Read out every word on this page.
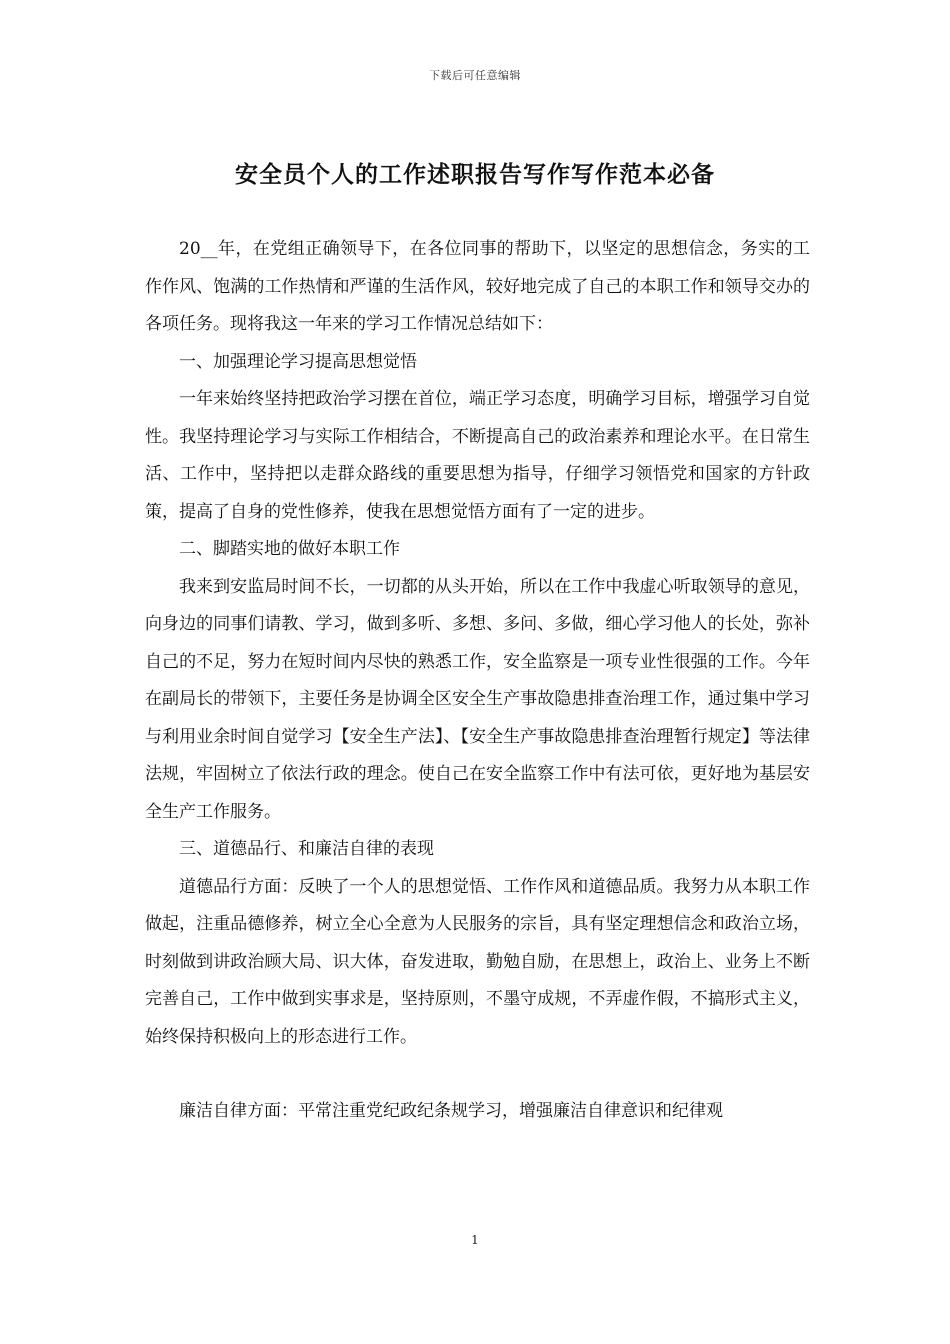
下载后可任意编辑
安全员个人的工作述职报告写作写作范本必备

20__年，在党组正确领导下，在各位同事的帮助下，以坚定的思想信念，务实的工作作风、饱满的工作热情和严谨的生活作风，较好地完成了自己的本职工作和领导交办的各项任务。现将我这一年来的学习工作情况总结如下：

一、加强理论学习提高思想觉悟

一年来始终坚持把政治学习摆在首位，端正学习态度，明确学习目标，增强学习自觉性。我坚持理论学习与实际工作相结合，不断提高自己的政治素养和理论水平。在日常生活、工作中，坚持把以走群众路线的重要思想为指导，仔细学习领悟党和国家的方针政策，提高了自身的党性修养，使我在思想觉悟方面有了一定的进步。

二、脚踏实地的做好本职工作

我来到安监局时间不长，一切都的从头开始，所以在工作中我虚心听取领导的意见，向身边的同事们请教、学习，做到多听、多想、多问、多做，细心学习他人的长处，弥补自己的不足，努力在短时间内尽快的熟悉工作，安全监察是一项专业性很强的工作。今年在副局长的带领下，主要任务是协调全区安全生产事故隐患排查治理工作，通过集中学习与利用业余时间自觉学习【安全生产法】、【安全生产事故隐患排查治理暂行规定】等法律法规，牢固树立了依法行政的理念。使自己在安全监察工作中有法可依，更好地为基层安全生产工作服务。

三、道德品行、和廉洁自律的表现

道德品行方面：反映了一个人的思想觉悟、工作作风和道德品质。我努力从本职工作做起，注重品德修养，树立全心全意为人民服务的宗旨，具有坚定理想信念和政治立场，时刻做到讲政治顾大局、识大体，奋发进取，勤勉自励，在思想上，政治上、业务上不断完善自己，工作中做到实事求是，坚持原则，不墨守成规，不弄虚作假，不搞形式主义，始终保持积极向上的形态进行工作。

廉洁自律方面：平常注重党纪政纪条规学习，增强廉洁自律意识和纪律观

1
